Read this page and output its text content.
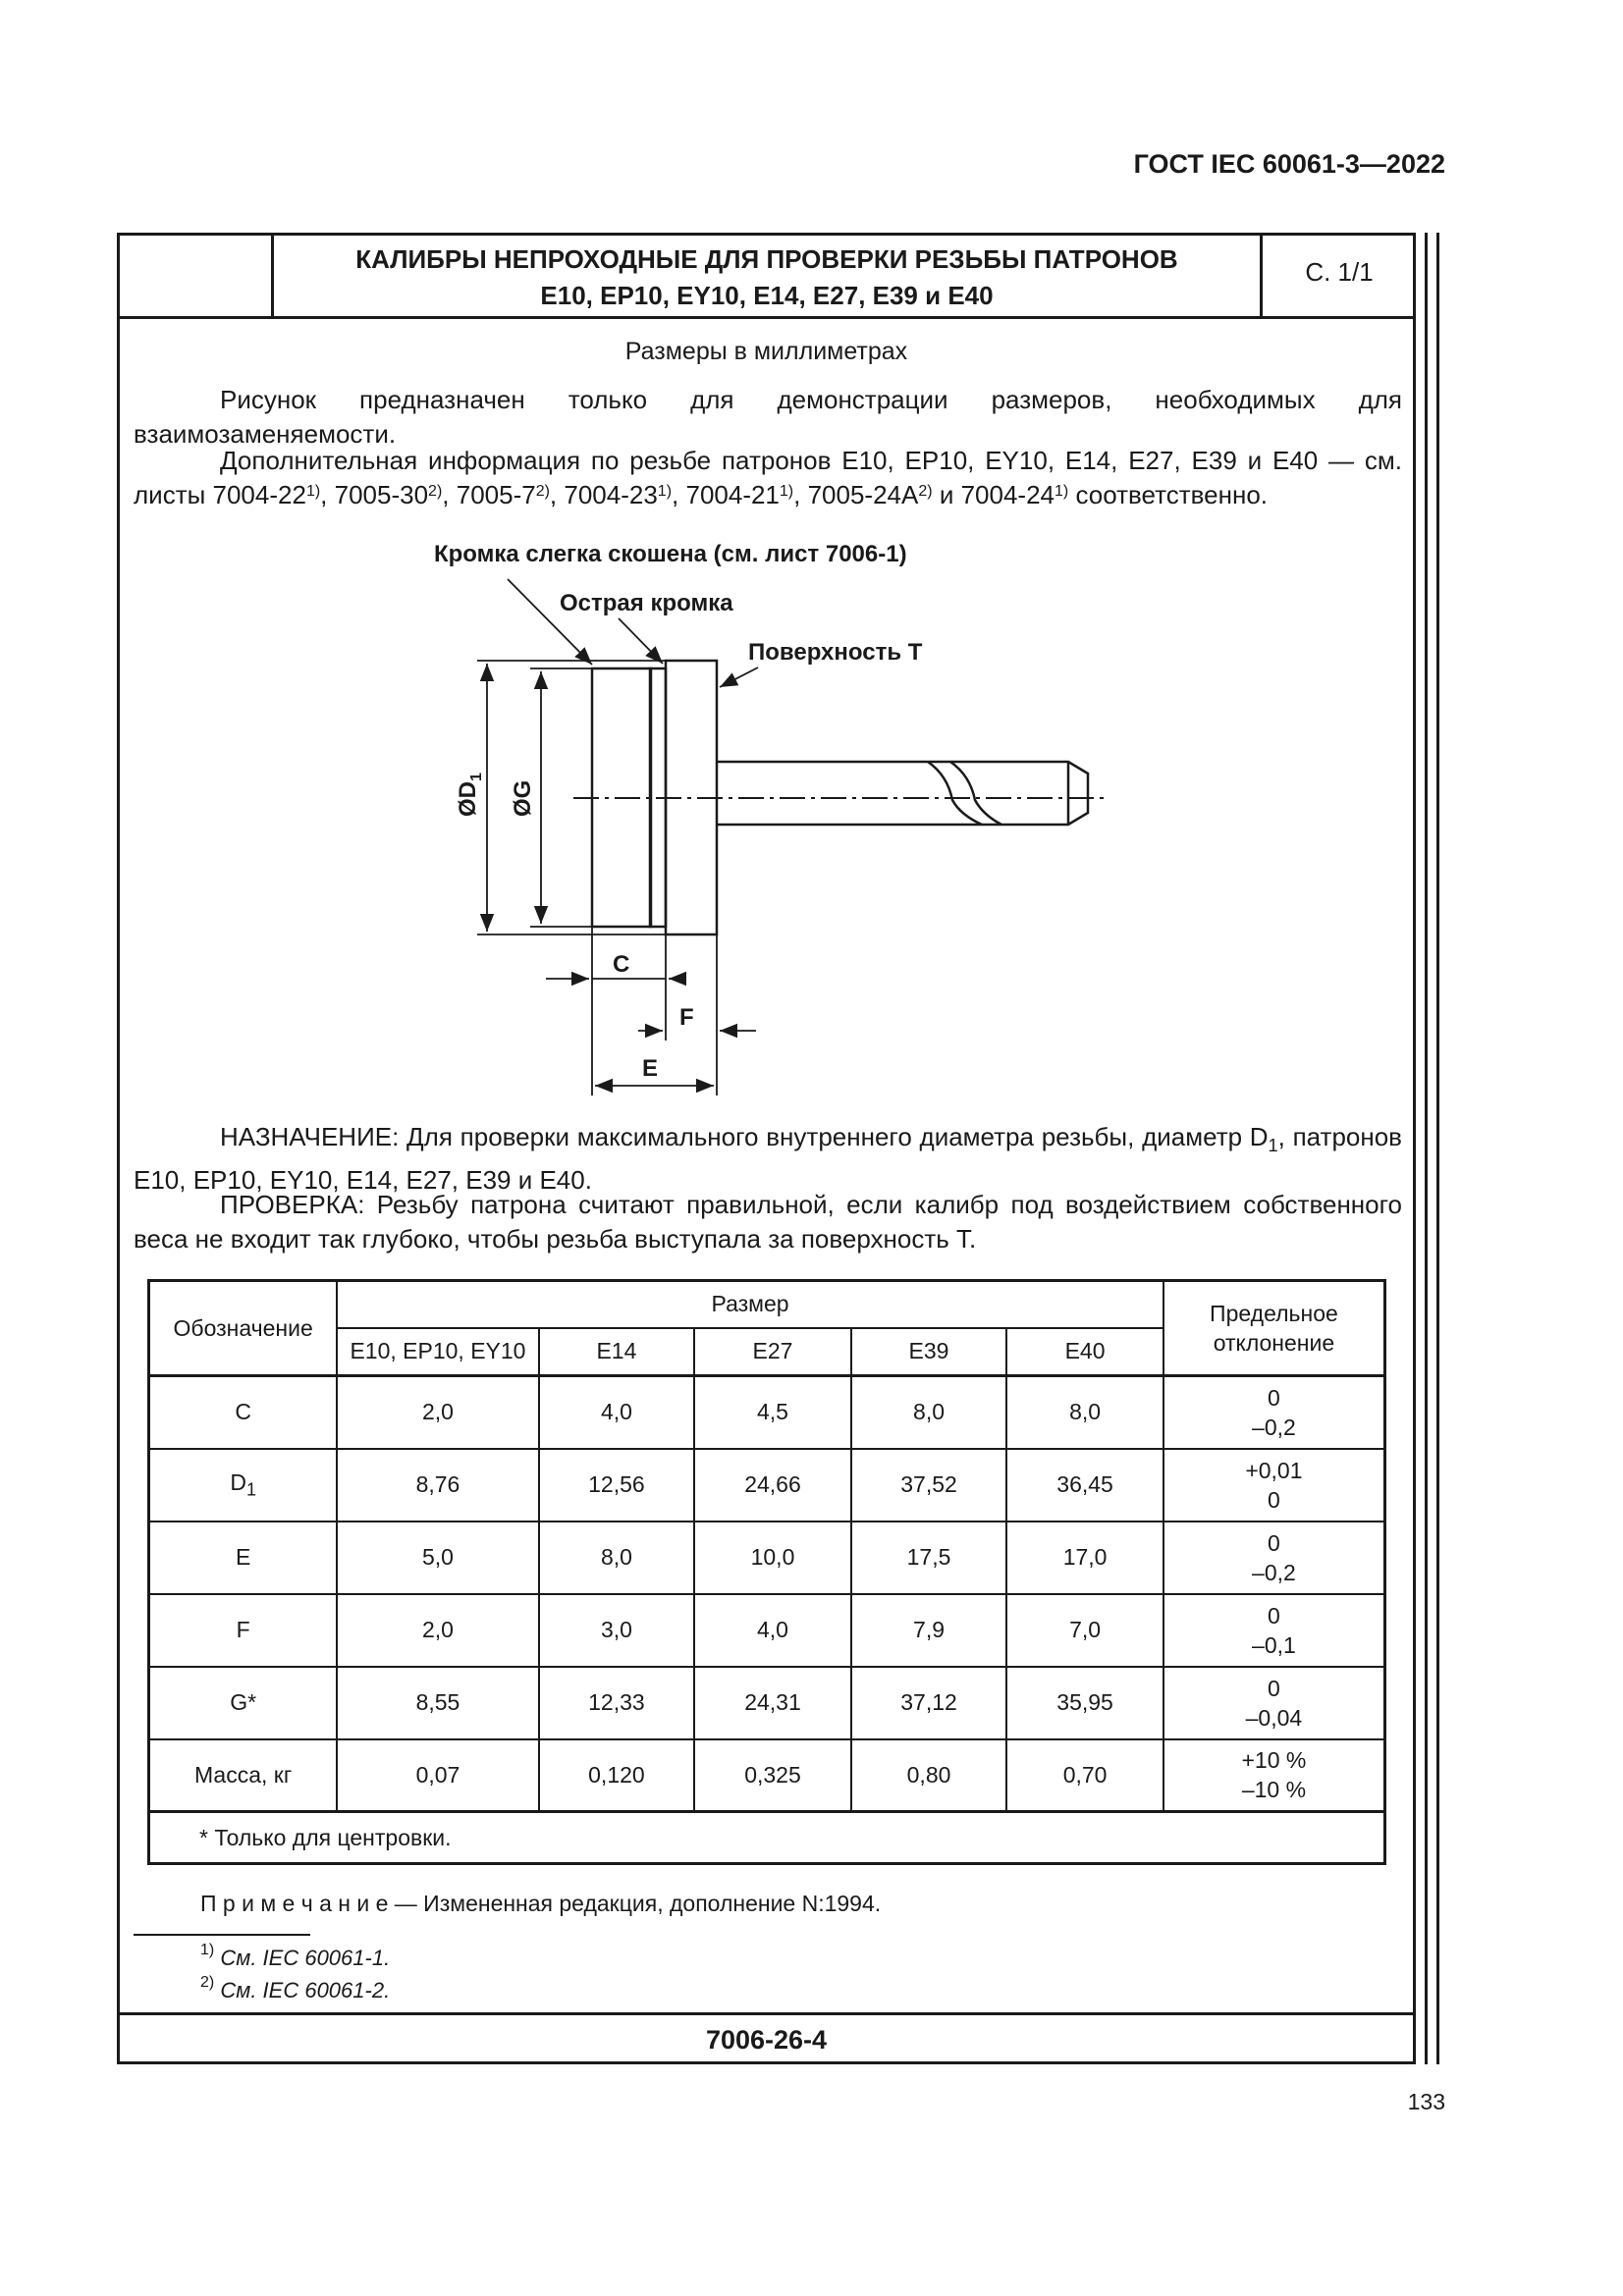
ГОСТ IEC 60061-3—2022
КАЛИБРЫ НЕПРОХОДНЫЕ ДЛЯ ПРОВЕРКИ РЕЗЬБЫ ПАТРОНОВ
E10, EP10, EY10, E14, E27, E39 и E40
С. 1/1
Размеры в миллиметрах
Рисунок предназначен только для демонстрации размеров, необходимых для взаимозаменяемости.
Дополнительная информация по резьбе патронов E10, EP10, EY10, E14, E27, E39 и E40 — см. листы 7004-22$^{1)}$, 7005-30$^{2)}$, 7005-7$^{2)}$, 7004-23$^{1)}$, 7004-21$^{1)}$, $7005-24A^{2)}$ и 7004-24$^{1)}$ соответственно.
Кромка слегка скошена (см. лист 7006-1)
Острая кромка
Поверхность T
C
F
E
$ØD_1$
ØG
НАЗНАЧЕНИЕ: Для проверки максимального внутреннего диаметра резьбы, диаметр $D_1$, патронов E10, EP10, EY10, E14, E27, E39 и E40.
ПРОВЕРКА: Резьбу патрона считают правильной, если калибр под воздействием собственного веса не входит так глубоко, чтобы резьба выступала за поверхность T.
Обозначение	Размер					Предельное
отклонение

	E10, EP10, EY10	E14	E27	E39	E40	
C	2,0	4,0	4,5	8,0	8,0	0
–0,2

$D_1$	8,76	12,56	24,66	37,52	36,45	+0,01
0

E	5,0	8,0	10,0	17,5	17,0	0
–0,2

F	2,0	3,0	4,0	7,9	7,0	0
–0,1

G*	8,55	12,33	24,31	37,12	35,95	0
–0,04

Масса, кг	0,07	0,120	0,325	0,80	0,70	+10 %
–10 %

* Только для центровки.						
П р и м е ч а н и е — Измененная редакция, дополнение N:1994.
$^{1)}$ См. IEC 60061-1.
$^{2)}$ См. IEC 60061-2.
7006-26-4
133
